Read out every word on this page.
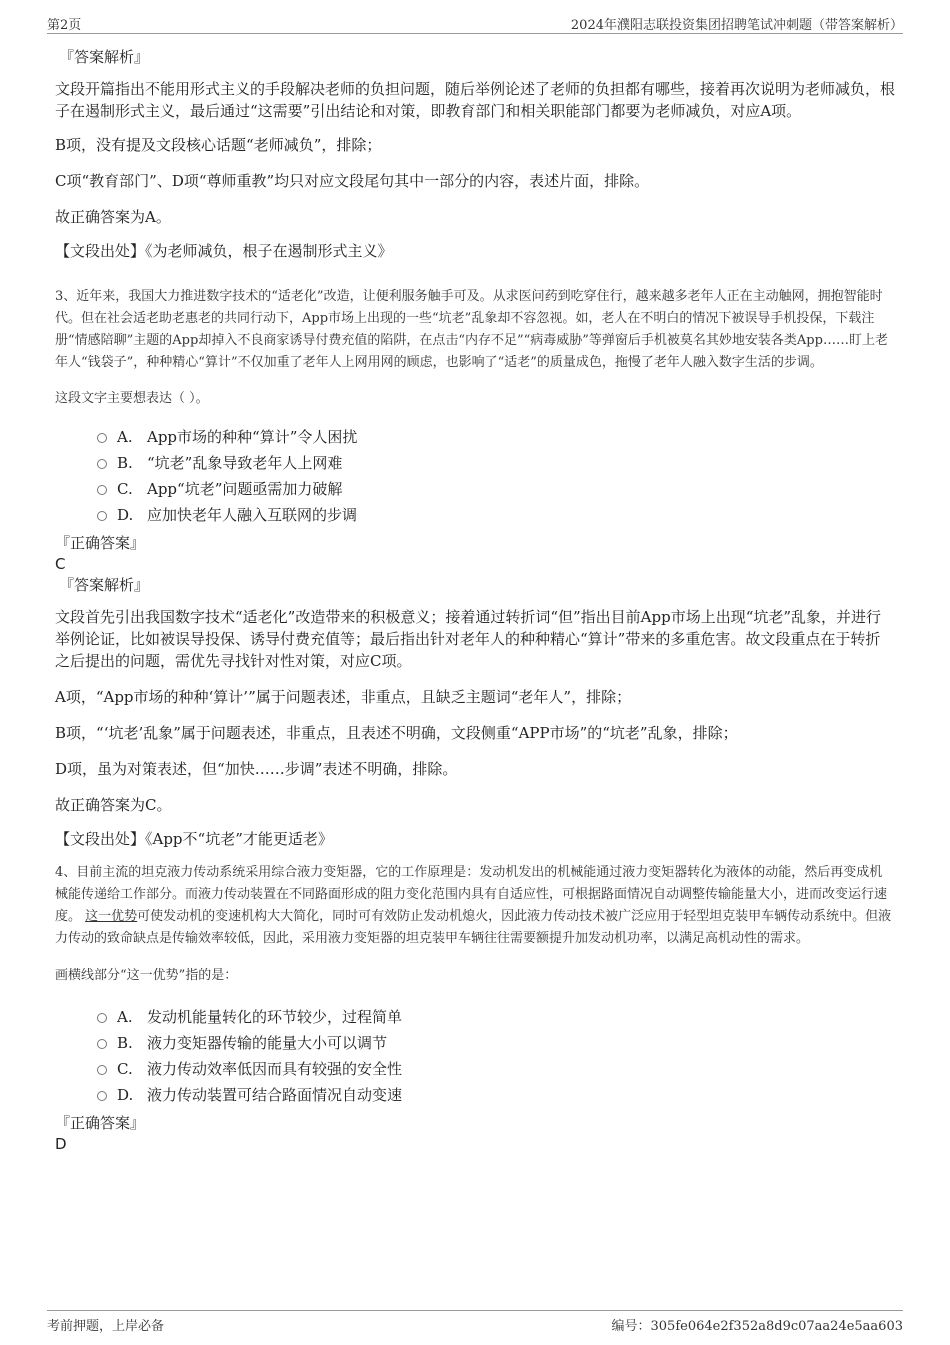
第2页	2024年濮阳志联投资集团招聘笔试冲刺题（带答案解析）
『答案解析』
文段开篇指出不能用形式主义的手段解决老师的负担问题，随后举例论述了老师的负担都有哪些，接着再次说明为老师减负，根子在遏制形式主义，最后通过“这需要”引出结论和对策，即教育部门和相关职能部门都要为老师减负，对应A项。
B项，没有提及文段核心话题“老师减负”，排除；
C项“教育部门”、D项“尊师重教”均只对应文段尾句其中一部分的内容，表述片面，排除。
故正确答案为A。
【文段出处】《为老师减负，根子在遏制形式主义》
3、近年来，我国大力推进数字技术的“适老化”改造，让便利服务触手可及。从求医问药到吃穿住行，越来越多老年人正在主动触网，拥抱智能时代。但在社会适老助老惠老的共同行动下，App市场上出现的一些“坑老”乱象却不容忽视。如，老人在不明白的情况下被误导手机投保，下载注册“情感陪聊”主题的App却掉入不良商家诱导付费充值的陷阱，在点击“内存不足”“病毒威胁”等弹窗后手机被莫名其妙地安装各类App……盯上老年人“钱袋子”，种种精心“算计”不仅加重了老年人上网用网的顾虑，也影响了“适老”的质量成色，拖慢了老年人融入数字生活的步调。
这段文字主要想表达（ ）。
A. App市场的种种“算计”令人困扰
B. “坑老”乱象导致老年人上网难
C. App“坑老”问题亟需加力破解
D. 应加快老年人融入互联网的步调
『正确答案』
C
『答案解析』
文段首先引出我国数字技术“适老化”改造带来的积极意义；接着通过转折词“但”指出目前App市场上出现“坑老”乱象，并进行举例论证，比如被误导投保、诱导付费充值等；最后指出针对老年人的种种精心“算计”带来的多重危害。故文段重点在于转折之后提出的问题，需优先寻找针对性对策，对应C项。
A项，“App市场的种种‘算计’”属于问题表述，非重点，且缺乏主题词“老年人”，排除；
B项，“‘坑老’乱象”属于问题表述，非重点，且表述不明确，文段侧重“APP市场”的“坑老”乱象，排除；
D项，虽为对策表述，但“加快……步调”表述不明确，排除。
故正确答案为C。
【文段出处】《App不“坑老”才能更适老》
4、目前主流的坦克液力传动系统采用综合液力变矩器，它的工作原理是：发动机发出的机械能通过液力变矩器转化为液体的动能，然后再变成机械能传递给工作部分。而液力传动装置在不同路面形成的阻力变化范围内具有自适应性，可根据路面情况自动调整传输能量大小，进而改变运行速度。 这一优势可使发动机的变速机构大大简化，同时可有效防止发动机熄火，因此液力传动技术被广泛应用于轻型坦克装甲车辆传动系统中。但液力传动的致命缺点是传输效率较低，因此，采用液力变矩器的坦克装甲车辆往往需要额提升加发动机功率，以满足高机动性的需求。
画横线部分“这一优势”指的是：
A. 发动机能量转化的环节较少，过程简单
B. 液力变矩器传输的能量大小可以调节
C. 液力传动效率低因而具有较强的安全性
D. 液力传动装置可结合路面情况自动变速
『正确答案』
D
考前押题，上岸必备	编号：305fe064e2f352a8d9c07aa24e5aa603
